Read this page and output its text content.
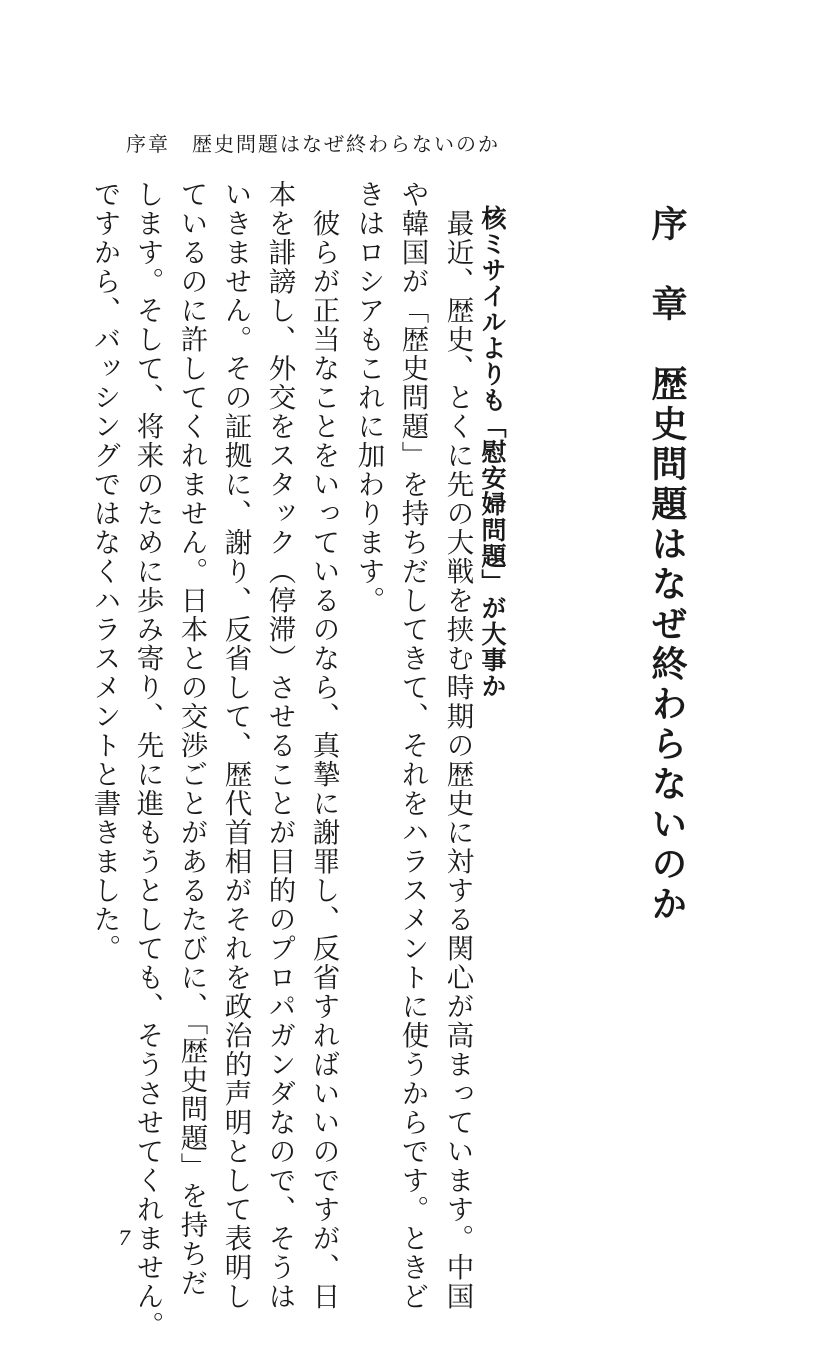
序章　歴史問題はなぜ終わらないのか
序　章　歴史問題はなぜ終わらないのか
核ミサイルよりも「慰安婦問題」が大事か
　最近、歴史、とくに先の大戦を挟む時期の歴史に対する関心が高まっています。中国
や韓国が「歴史問題」を持ちだしてきて、それをハラスメントに使うからです。ときど
きはロシアもこれに加わります。
　彼らが正当なことをいっているのなら、真摯に謝罪し、反省すればいいのですが、日
本を誹謗し、外交をスタック（停滞）させることが目的のプロパガンダなので、そうは
いきません。その証拠に、謝り、反省して、歴代首相がそれを政治的声明として表明し
ているのに許してくれません。日本との交渉ごとがあるたびに、「歴史問題」を持ちだ
します。そして、将来のために歩み寄り、先に進もうとしても、そうさせてくれません。
ですから、バッシングではなくハラスメントと書きました。
7
